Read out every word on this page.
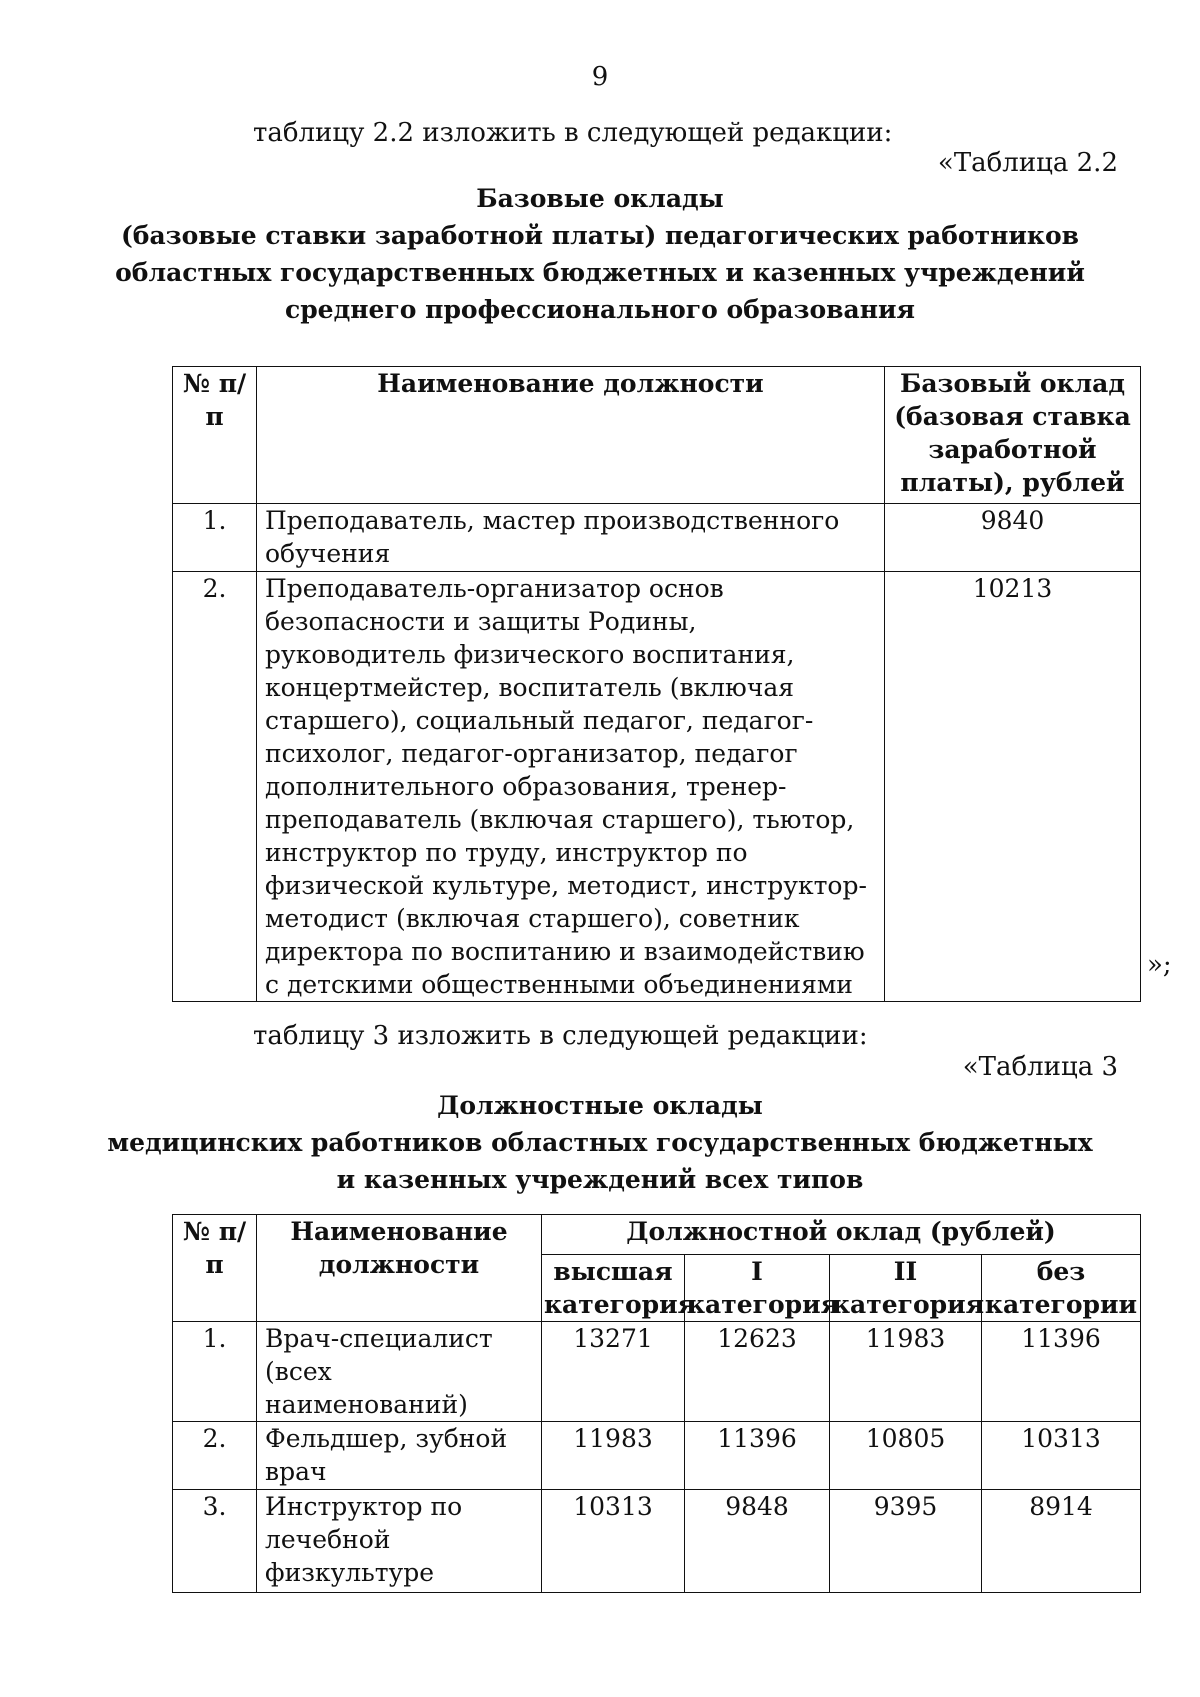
9
таблицу 2.2 изложить в следующей редакции:
«Таблица 2.2
Базовые оклады
(базовые ставки заработной платы) педагогических работников
областных государственных бюджетных и казенных учреждений
среднего профессионального образования
№ п/п	Наименование должности	Базовый оклад (базовая ставка заработной платы), рублей
1.	Преподаватель, мастер производственного обучения	9840
2.	Преподаватель-организатор основ безопасности и защиты Родины, руководитель физического воспитания, концертмейстер, воспитатель (включая старшего), социальный педагог, педагог-психолог, педагог-организатор, педагог дополнительного образования, тренер-преподаватель (включая старшего), тьютор, инструктор по труду, инструктор по физической культуре, методист, инструктор-методист (включая старшего), советник директора по воспитанию и взаимодействию с детскими общественными объединениями	10213
»;
таблицу 3 изложить в следующей редакции:
«Таблица 3
Должностные оклады
медицинских работников областных государственных бюджетных
и казенных учреждений всех типов
№ п/п	Наименование должности	Должностной оклад (рублей)			
		высшая категория	I категория	II категория	без категории
1.	Врач-специалист (всех наименований)	13271	12623	11983	11396
2.	Фельдшер, зубной врач	11983	11396	10805	10313
3.	Инструктор по лечебной физкультуре	10313	9848	9395	8914
